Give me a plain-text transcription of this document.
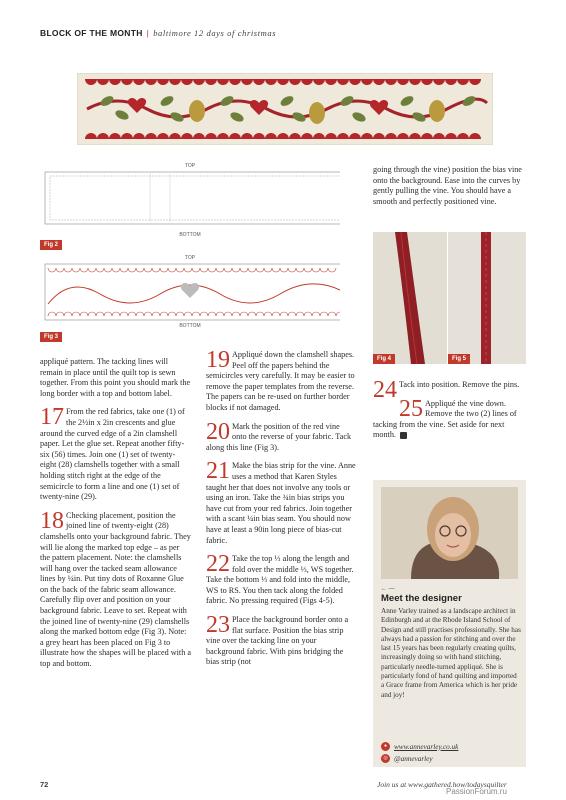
BLOCK OF THE MONTH | baltimore 12 days of christmas
TOP
BOTTOM
Fig 2
TOP
BOTTOM
Fig 3

appliqué pattern. The tacking lines will remain in place until the quilt top is sewn together. From this point you should mark the long border with a top and bottom label.

17 From the red fabrics, take one (1) of the 2½in x 2in crescents and glue around the curved edge of a 2in clamshell paper. Let the glue set. Repeat another fifty-six (56) times. Join one (1) set of twenty-eight (28) clamshells together with a small holding stitch right at the edge of the semicircle to form a line and one (1) set of twenty-nine (29).
18 Checking placement, position the joined line of twenty-eight (28) clamshells onto your background fabric. They will lie along the marked top edge – as per the pattern placement. Note: the clamshells will hang over the tacked seam allowance lines by ¼in. Put tiny dots of Roxanne Glue on the back of the fabric seam allowance. Carefully flip over and position on your background fabric. Leave to set. Repeat with the joined line of twenty-nine (29) clamshells along the marked bottom edge (Fig 3). Note: a grey heart has been placed on Fig 3 to illustrate how the shapes will be placed with a top and bottom.
19 Appliqué down the clamshell shapes. Peel off the papers behind the semicircles very carefully. It may be easier to remove the paper templates from the reverse. The papers can be re-used on further border blocks if not damaged.
20 Mark the position of the red vine onto the reverse of your fabric. Tack along this line (Fig 3).
21 Make the bias strip for the vine. Anne uses a method that Karen Styles taught her that does not involve any tools or using an iron. Take the ¾in bias strips you have cut from your red fabrics. Join together with a scant ¼in bias seam. You should now have at least a 90in long piece of bias-cut fabric.
22 Take the top ⅓ along the length and fold over the middle ⅓, WS together. Take the bottom ⅓ and fold into the middle, WS to RS. You then tack along the folded fabric. No pressing required (Figs 4-5).
23 Place the background border onto a flat surface. Position the bias strip vine over the tacking line on your background fabric. With pins bridging the bias strip (not

going through the vine) position the bias vine onto the background. Ease into the curves by gently pulling the vine. You should have a smooth and perfectly positioned vine.

Fig 4	Fig 5
24 Tack into position. Remove the pins.
25 Appliqué the vine down. Remove the two (2) lines of tacking from the vine. Set aside for next month.
← —
Meet the designer
Anne Varley trained as a landscape architect in Edinburgh and at the Rhode Island School of Design and still practises professionally. She has always had a passion for stitching and over the last 15 years has been regularly creating quilts, increasingly doing so with hand stitching, particularly needle-turned appliqué. She is particularly fond of hand quilting and imported a Grace frame from America which is her pride and joy!
● www.annevarley.co.uk
◎ @annevarley
72	Join us at www.gathered.how/todaysquilter
PassionForum.ru
